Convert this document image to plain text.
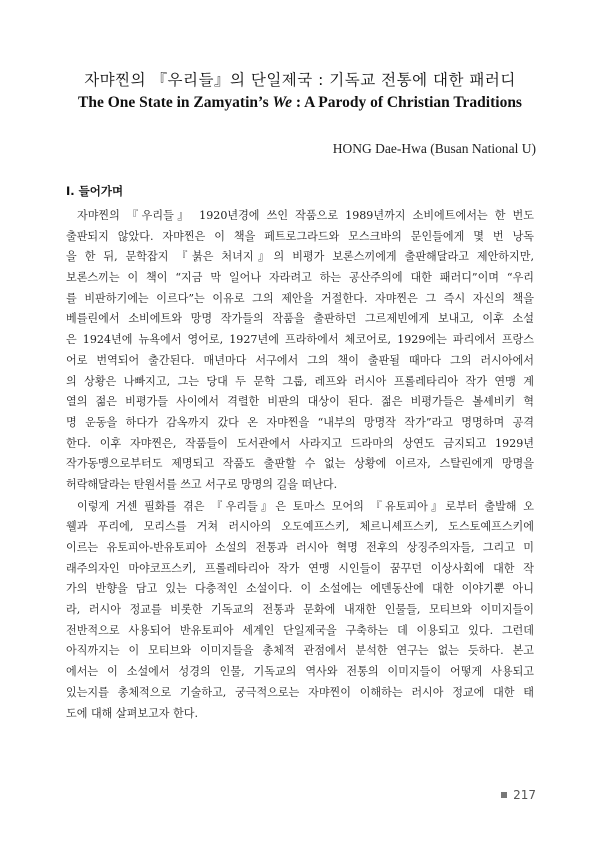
자먀찐의 『우리들』의 단일제국 : 기독교 전통에 대한 패러디
The One State in Zamyatin’s We : A Parody of Christian Traditions
HONG Dae-Hwa (Busan National U)
I. 들어가며

자먀찐의 『우리들』 1920년경에 쓰인 작품으로 1989년까지 소비에트에서는 한 번도

출판되지 않았다. 자먀찐은 이 책을 페트로그라드와 모스크바의 문인들에게 몇 번 낭독

을 한 뒤, 문학잡지 『붉은 처녀지』의 비평가 보론스끼에게 출판해달라고 제안하지만,

보론스끼는 이 책이 “지금 막 일어나 자라려고 하는 공산주의에 대한 패러디”이며 “우리

를 비판하기에는 이르다”는 이유로 그의 제안을 거절한다. 자먀찐은 그 즉시 자신의 책을

베를린에서 소비에트와 망명 작가들의 작품을 출판하던 그르제빈에게 보내고, 이후 소설

은 1924년에 뉴욕에서 영어로, 1927년에 프라하에서 체코어로, 1929에는 파리에서 프랑스

어로 번역되어 출간된다. 매년마다 서구에서 그의 책이 출판될 때마다 그의 러시아에서

의 상황은 나빠지고, 그는 당대 두 문학 그룹, 레프와 러시아 프롤레타리아 작가 연맹 계

열의 젊은 비평가들 사이에서 격렬한 비판의 대상이 된다. 젊은 비평가들은 볼셰비키 혁

명 운동을 하다가 감옥까지 갔다 온 자먀찐을 “내부의 망명작 작가”라고 명명하며 공격

한다. 이후 자먀찐은, 작품들이 도서관에서 사라지고 드라마의 상연도 금지되고 1929년

작가동맹으로부터도 제명되고 작품도 출판할 수 없는 상황에 이르자, 스탈린에게 망명을

허락해달라는 탄원서를 쓰고 서구로 망명의 길을 떠난다.

이렇게 거센 필화를 겪은 『우리들』은 토마스 모어의 『유토피아』로부터 출발해 오

웰과 푸리에, 모리스를 거쳐 러시아의 오도예프스키, 체르니셰프스키, 도스토예프스키에

이르는 유토피아-반유토피아 소설의 전통과 러시아 혁명 전후의 상징주의자들, 그리고 미

래주의자인 마야코프스키, 프롤레타리아 작가 연맹 시인들이 꿈꾸던 이상사회에 대한 작

가의 반향을 담고 있는 다층적인 소설이다. 이 소설에는 에덴동산에 대한 이야기뿐 아니

라, 러시아 정교를 비롯한 기독교의 전통과 문화에 내재한 인물들, 모티브와 이미지들이

전반적으로 사용되어 반유토피아 세계인 단일제국을 구축하는 데 이용되고 있다. 그런데

아직까지는 이 모티브와 이미지들을 총체적 관점에서 분석한 연구는 없는 듯하다. 본고

에서는 이 소설에서 성경의 인물, 기독교의 역사와 전통의 이미지들이 어떻게 사용되고

있는지를 총체적으로 기술하고, 궁극적으로는 자먀찐이 이해하는 러시아 정교에 대한 태

도에 대해 살펴보고자 한다.

217
